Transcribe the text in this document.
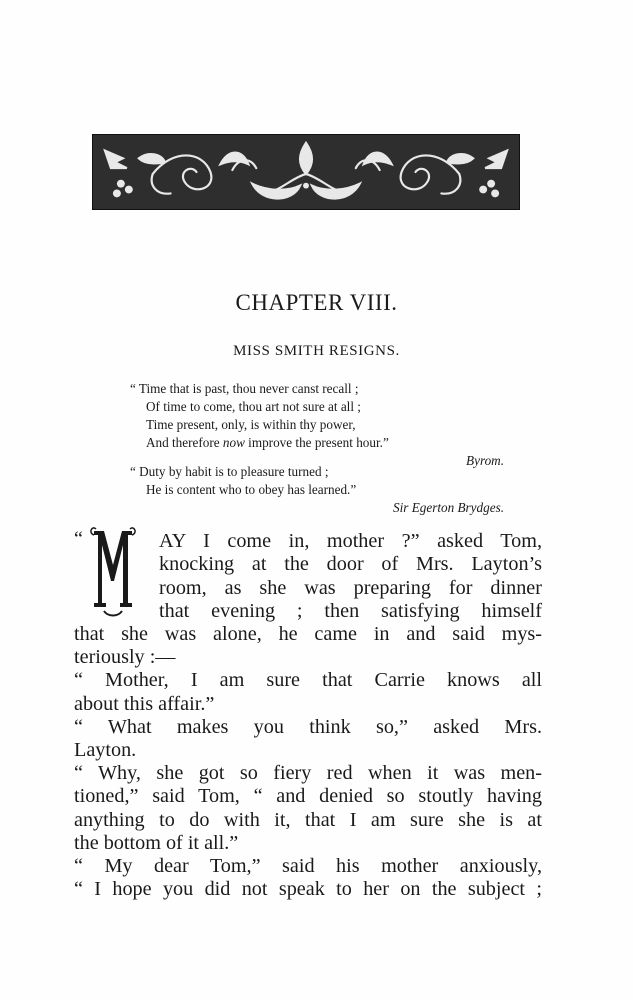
CHAPTER VIII.
MISS SMITH RESIGNS.
“ Time that is past, thou never canst recall ;
Of time to come, thou art not sure at all ;
Time present, only, is within thy power,
And therefore now improve the present hour.”
Byrom.
“ Duty by habit is to pleasure turned ;
He is content who to obey has learned.”
Sir Egerton Brydges.
“	AY I come in, mother ?” asked Tom,
knocking at the door of Mrs. Layton’s
room, as she was preparing for dinner
that evening ; then satisfying himself
that she was alone, he came in and said mys-
teriously :—
“ Mother, I am sure that Carrie knows all
about this affair.”
“ What makes you think so,” asked Mrs.
Layton.
“ Why, she got so fiery red when it was men-
tioned,” said Tom, “ and denied so stoutly having
anything to do with it, that I am sure she is at
the bottom of it all.”
“ My dear Tom,” said his mother anxiously,
“ I hope you did not speak to her on the subject ;
